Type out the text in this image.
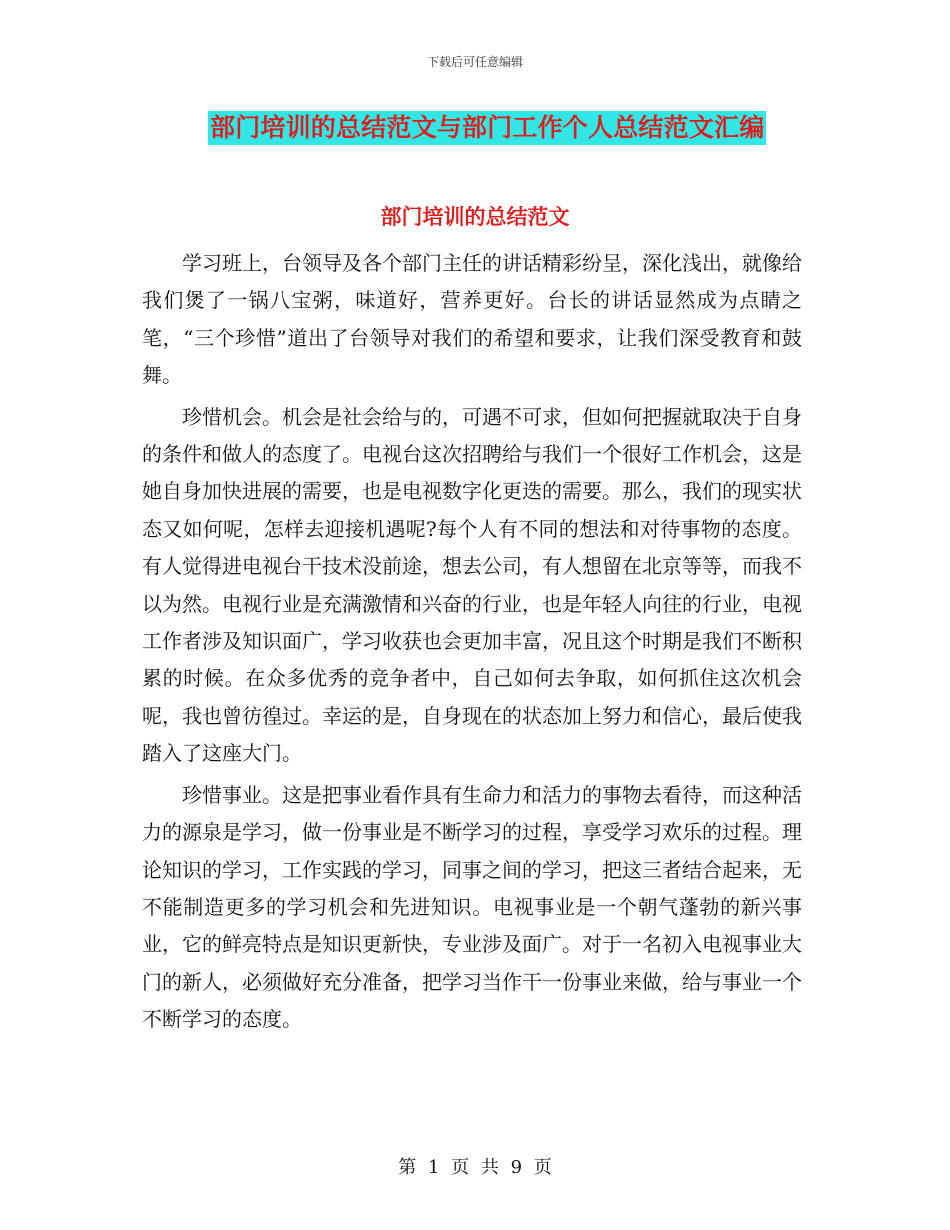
下载后可任意编辑
部门培训的总结范文与部门工作个人总结范文汇编
部门培训的总结范文

学习班上，台领导及各个部门主任的讲话精彩纷呈，深化浅出，就像给我们煲了一锅八宝粥，味道好，营养更好。台长的讲话显然成为点睛之笔，“三个珍惜”道出了台领导对我们的希望和要求，让我们深受教育和鼓舞。

珍惜机会。机会是社会给与的，可遇不可求，但如何把握就取决于自身的条件和做人的态度了。电视台这次招聘给与我们一个很好工作机会，这是她自身加快进展的需要，也是电视数字化更迭的需要。那么，我们的现实状态又如何呢，怎样去迎接机遇呢?每个人有不同的想法和对待事物的态度。有人觉得进电视台干技术没前途，想去公司，有人想留在北京等等，而我不以为然。电视行业是充满激情和兴奋的行业，也是年轻人向往的行业，电视工作者涉及知识面广，学习收获也会更加丰富，况且这个时期是我们不断积累的时候。在众多优秀的竞争者中，自己如何去争取，如何抓住这次机会呢，我也曾彷徨过。幸运的是，自身现在的状态加上努力和信心，最后使我踏入了这座大门。

珍惜事业。这是把事业看作具有生命力和活力的事物去看待，而这种活力的源泉是学习，做一份事业是不断学习的过程，享受学习欢乐的过程。理论知识的学习，工作实践的学习，同事之间的学习，把这三者结合起来，无不能制造更多的学习机会和先进知识。电视事业是一个朝气蓬勃的新兴事业，它的鲜亮特点是知识更新快，专业涉及面广。对于一名初入电视事业大门的新人，必须做好充分准备，把学习当作干一份事业来做，给与事业一个不断学习的态度。

第 1 页 共 9 页
